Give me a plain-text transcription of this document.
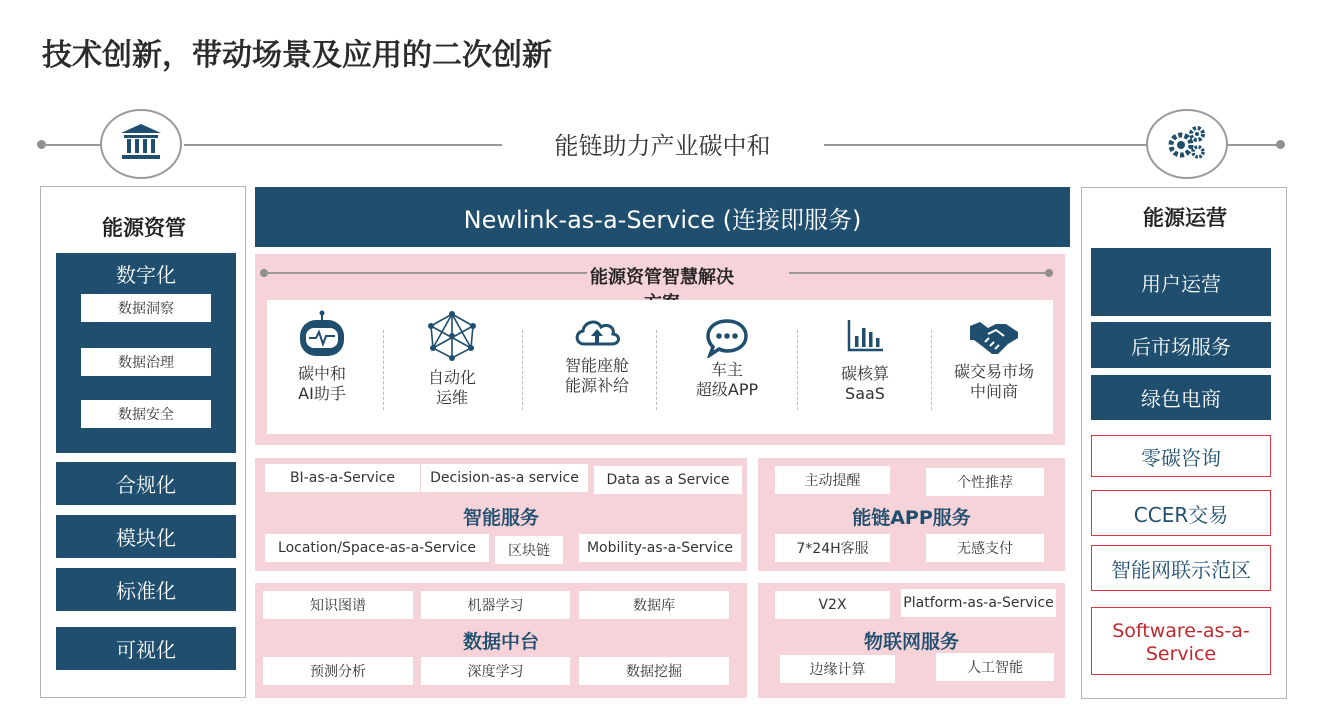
技术创新，带动场景及应用的二次创新
能链助力产业碳中和
能源资管
数字化
数据洞察
数据治理
数据安全
合规化
模块化
标准化
可视化
Newlink-as-a-Service (连接即服务)
能源资管智慧解决
碳中和
AI助手
自动化
运维
智能座舱
能源补给
车主
超级APP
碳核算
SaaS
碳交易市场
中间商
BI-as-a-Service	Decision-as-a service	Data as a Service
智能服务
Location/Space-as-a-Service	区块链	Mobility-as-a-Service
主动提醒	个性推荐
能链APP服务
7*24H客服	无感支付
知识图谱	机器学习	数据库
数据中台
预测分析	深度学习	数据挖掘
V2X	Platform-as-a-Service
物联网服务
边缘计算	人工智能
能源运营
用户运营
后市场服务
绿色电商
零碳咨询
CCER交易
智能网联示范区
Software-as-a-
Service
